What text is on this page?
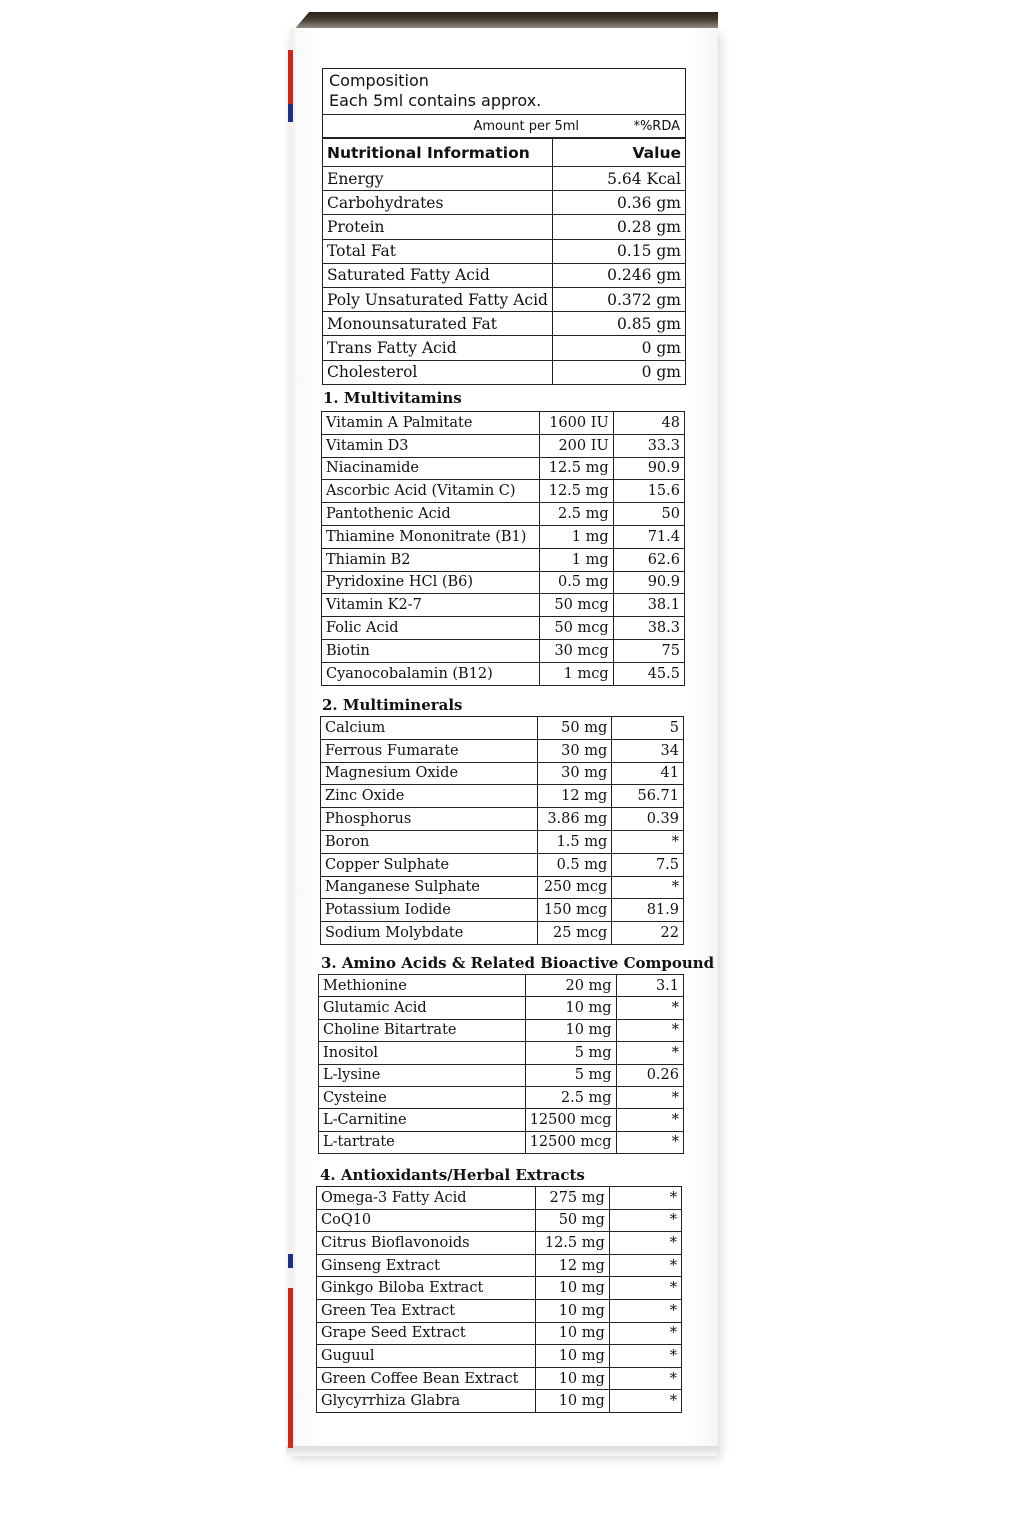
Composition
Each 5ml contains approx.
Amount per 5ml	*%RDA
Nutritional Information	Value
Energy	5.64 Kcal
Carbohydrates	0.36 gm
Protein	0.28 gm
Total Fat	0.15 gm
Saturated Fatty Acid	0.246 gm
Poly Unsaturated Fatty Acid	0.372 gm
Monounsaturated Fat	0.85 gm
Trans Fatty Acid	0 gm
Cholesterol	0 gm
1. Multivitamins
Vitamin A Palmitate	1600 IU	48
Vitamin D3	200 IU	33.3
Niacinamide	12.5 mg	90.9
Ascorbic Acid (Vitamin C)	12.5 mg	15.6
Pantothenic Acid	2.5 mg	50
Thiamine Mononitrate (B1)	1 mg	71.4
Thiamin B2	1 mg	62.6
Pyridoxine HCl (B6)	0.5 mg	90.9
Vitamin K2-7	50 mcg	38.1
Folic Acid	50 mcg	38.3
Biotin	30 mcg	75
Cyanocobalamin (B12)	1 mcg	45.5
2. Multiminerals
Calcium	50 mg	5
Ferrous Fumarate	30 mg	34
Magnesium Oxide	30 mg	41
Zinc Oxide	12 mg	56.71
Phosphorus	3.86 mg	0.39
Boron	1.5 mg	*
Copper Sulphate	0.5 mg	7.5
Manganese Sulphate	250 mcg	*
Potassium Iodide	150 mcg	81.9
Sodium Molybdate	25 mcg	22
3. Amino Acids & Related Bioactive Compound
Methionine	20 mg	3.1
Glutamic Acid	10 mg	*
Choline Bitartrate	10 mg	*
Inositol	5 mg	*
L-lysine	5 mg	0.26
Cysteine	2.5 mg	*
L-Carnitine	12500 mcg	*
L-tartrate	12500 mcg	*
4. Antioxidants/Herbal Extracts
Omega-3 Fatty Acid	275 mg	*
CoQ10	50 mg	*
Citrus Bioflavonoids	12.5 mg	*
Ginseng Extract	12 mg	*
Ginkgo Biloba Extract	10 mg	*
Green Tea Extract	10 mg	*
Grape Seed Extract	10 mg	*
Guguul	10 mg	*
Green Coffee Bean Extract	10 mg	*
Glycyrrhiza Glabra	10 mg	*
